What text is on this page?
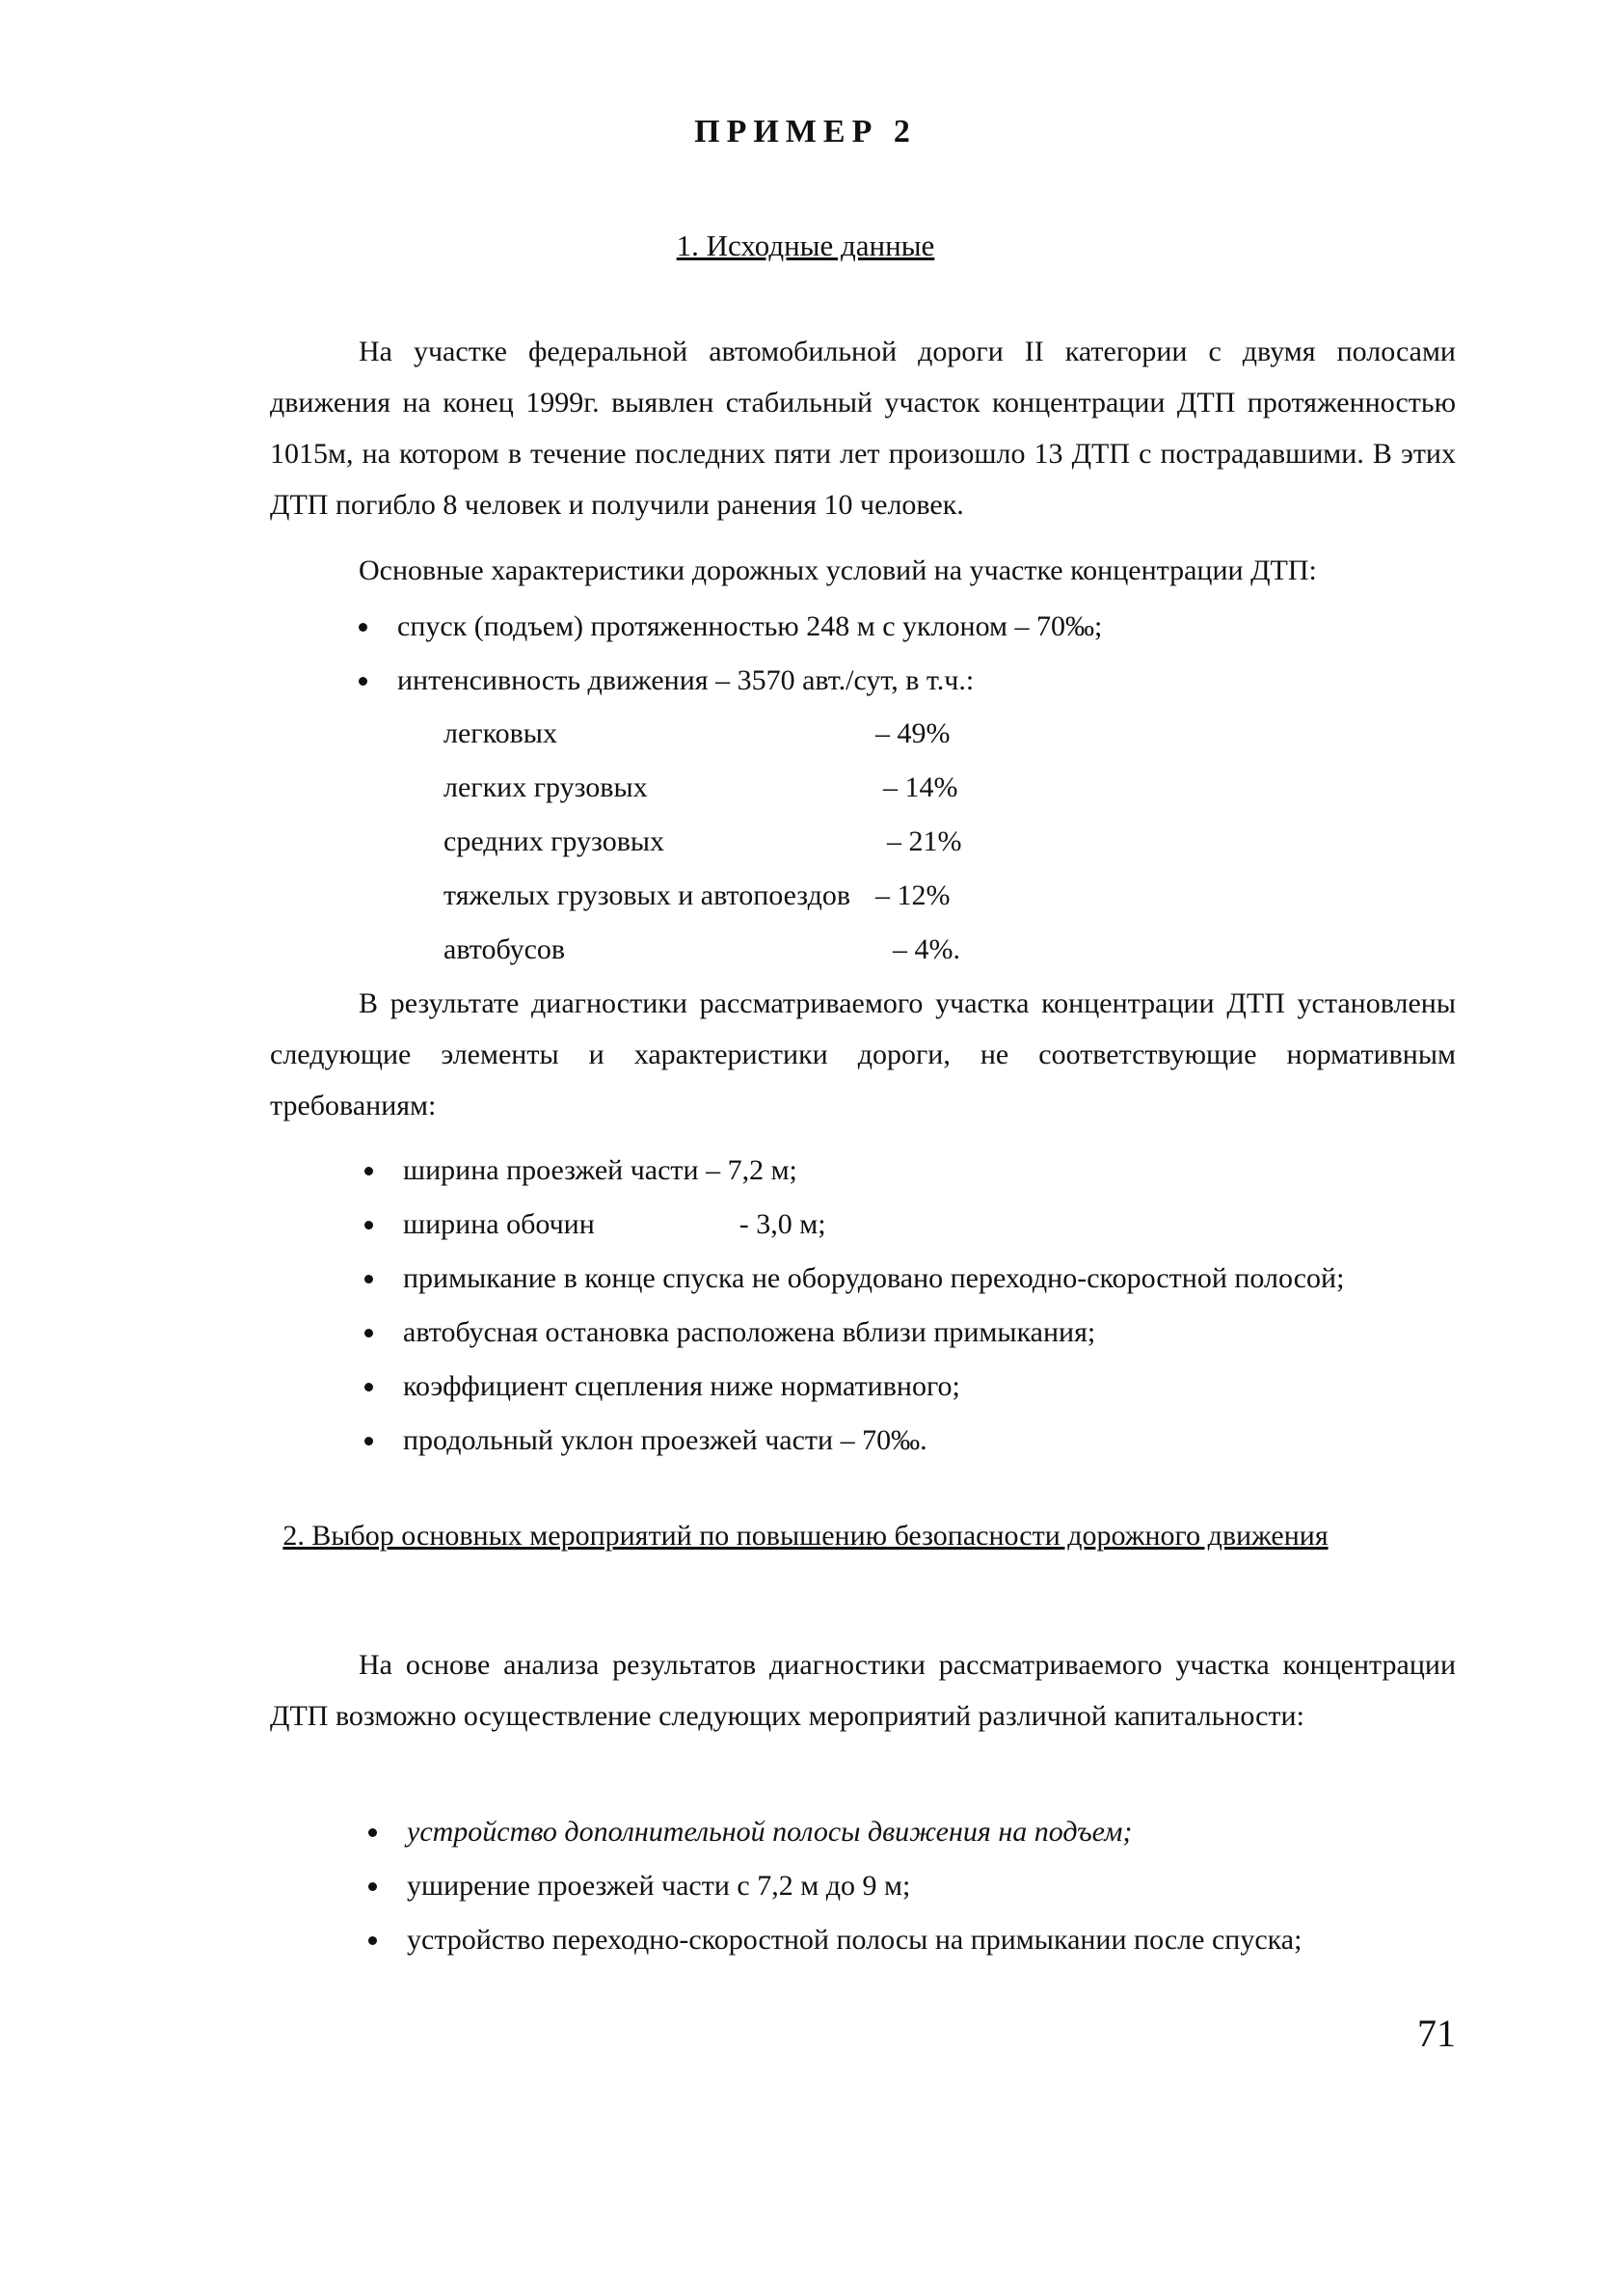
ПРИМЕР 2
1. Исходные данные
На участке федеральной автомобильной дороги II категории с двумя полосами движения на конец 1999г. выявлен стабильный участок концентрации ДТП протяженностью 1015м, на котором в течение последних пяти лет произошло 13 ДТП с пострадавшими. В этих ДТП погибло 8 человек и получили ранения 10 человек.
Основные характеристики дорожных условий на участке концентрации ДТП:
спуск (подъем) протяженностью 248 м с уклоном – 70‰;
интенсивность движения – 3570 авт./сут, в т.ч.:
легковых	– 49%
легких грузовых	– 14%
средних грузовых	– 21%
тяжелых грузовых и автопоездов – 12%
автобусов	– 4%.
В результате диагностики рассматриваемого участка концентрации ДТП установлены следующие элементы и характеристики дороги, не соответствующие нормативным требованиям:
ширина проезжей части – 7,2 м;
ширина обочин                    - 3,0 м;
примыкание в конце спуска не оборудовано переходно-скоростной полосой;
автобусная остановка расположена вблизи примыкания;
коэффициент сцепления ниже нормативного;
продольный уклон проезжей части – 70‰.
2. Выбор основных мероприятий по повышению безопасности дорожного движения
На основе анализа результатов диагностики рассматриваемого участка концентрации ДТП возможно осуществление следующих мероприятий различной капитальности:
устройство дополнительной полосы движения на подъем;
уширение проезжей части с 7,2 м до 9 м;
устройство переходно-скоростной полосы на примыкании после спуска;
71
